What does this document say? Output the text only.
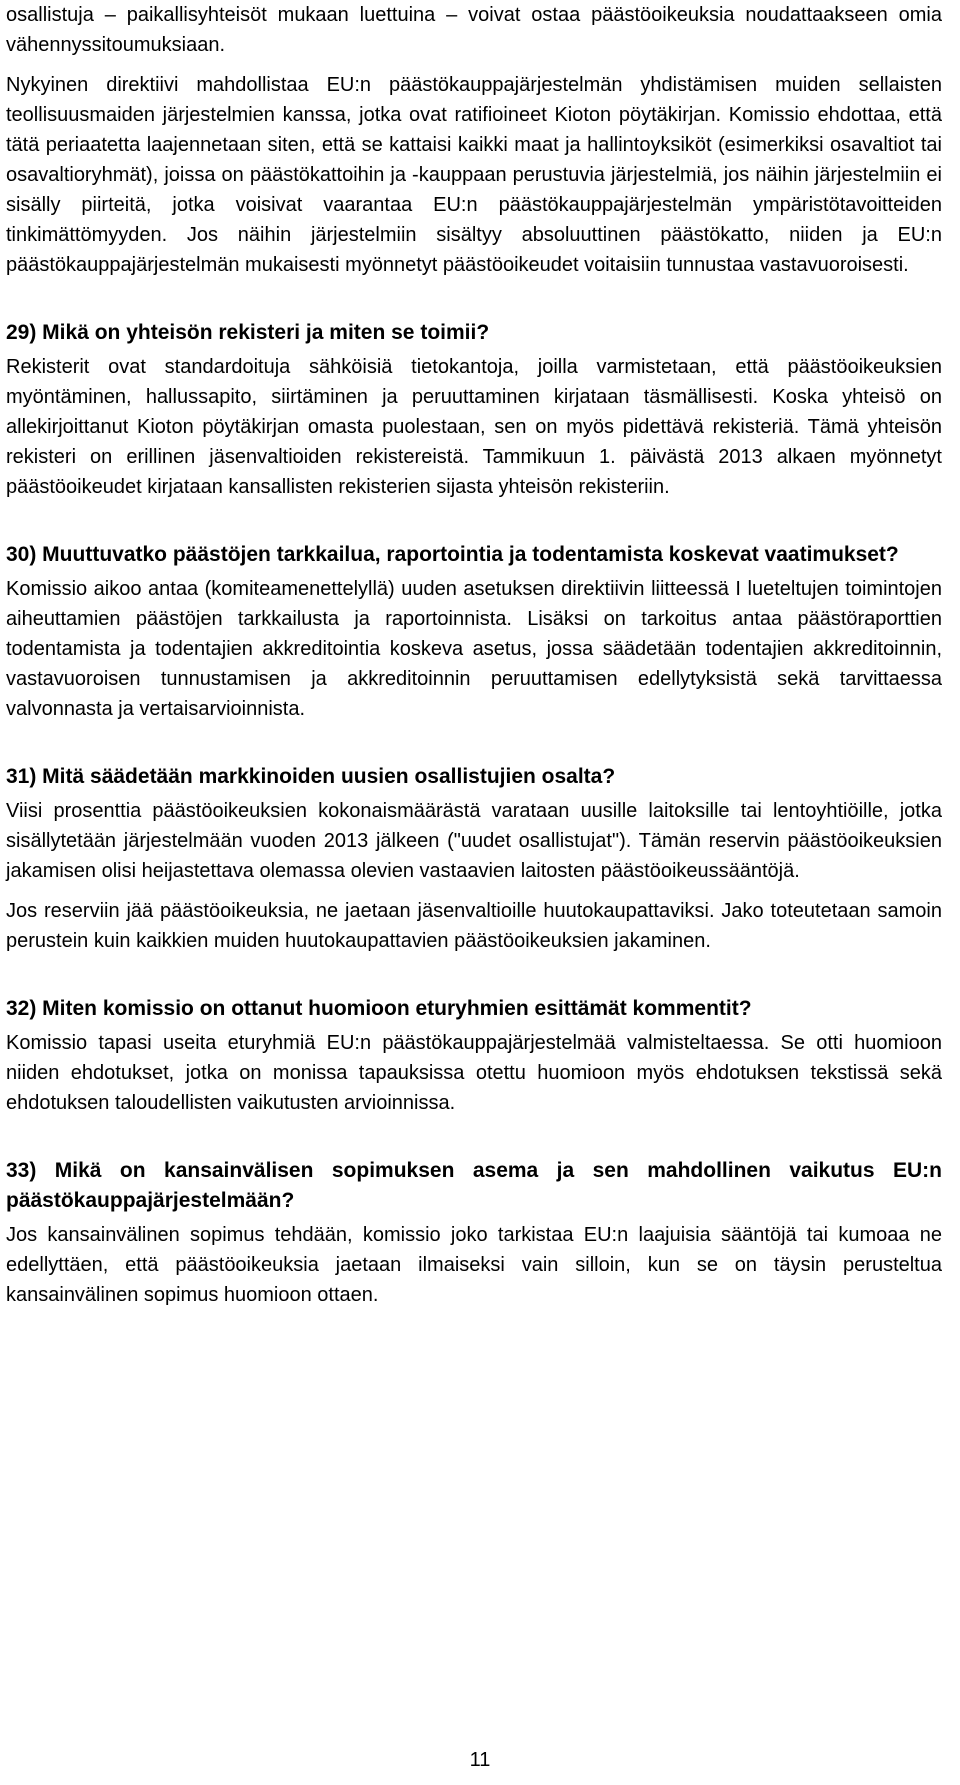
osallistuja – paikallisyhteisöt mukaan luettuina – voivat ostaa päästöoikeuksia noudattaakseen omia vähennyssitoumuksiaan.

Nykyinen direktiivi mahdollistaa EU:n päästökauppajärjestelmän yhdistämisen muiden sellaisten teollisuusmaiden järjestelmien kanssa, jotka ovat ratifioineet Kioton pöytäkirjan. Komissio ehdottaa, että tätä periaatetta laajennetaan siten, että se kattaisi kaikki maat ja hallintoyksiköt (esimerkiksi osavaltiot tai osavaltioryhmät), joissa on päästökattoihin ja -kauppaan perustuvia järjestelmiä, jos näihin järjestelmiin ei sisälly piirteitä, jotka voisivat vaarantaa EU:n päästökauppajärjestelmän ympäristötavoitteiden tinkimättömyyden. Jos näihin järjestelmiin sisältyy absoluuttinen päästökatto, niiden ja EU:n päästökauppajärjestelmän mukaisesti myönnetyt päästöoikeudet voitaisiin tunnustaa vastavuoroisesti.

29) Mikä on yhteisön rekisteri ja miten se toimii?

Rekisterit ovat standardoituja sähköisiä tietokantoja, joilla varmistetaan, että päästöoikeuksien myöntäminen, hallussapito, siirtäminen ja peruuttaminen kirjataan täsmällisesti. Koska yhteisö on allekirjoittanut Kioton pöytäkirjan omasta puolestaan, sen on myös pidettävä rekisteriä. Tämä yhteisön rekisteri on erillinen jäsenvaltioiden rekistereistä. Tammikuun 1. päivästä 2013 alkaen myönnetyt päästöoikeudet kirjataan kansallisten rekisterien sijasta yhteisön rekisteriin.

30) Muuttuvatko päästöjen tarkkailua, raportointia ja todentamista koskevat vaatimukset?

Komissio aikoo antaa (komiteamenettelyllä) uuden asetuksen direktiivin liitteessä I lueteltujen toimintojen aiheuttamien päästöjen tarkkailusta ja raportoinnista. Lisäksi on tarkoitus antaa päästöraporttien todentamista ja todentajien akkreditointia koskeva asetus, jossa säädetään todentajien akkreditoinnin, vastavuoroisen tunnustamisen ja akkreditoinnin peruuttamisen edellytyksistä sekä tarvittaessa valvonnasta ja vertaisarvioinnista.

31) Mitä säädetään markkinoiden uusien osallistujien osalta?

Viisi prosenttia päästöoikeuksien kokonaismäärästä varataan uusille laitoksille tai lentoyhtiöille, jotka sisällytetään järjestelmään vuoden 2013 jälkeen ("uudet osallistujat"). Tämän reservin päästöoikeuksien jakamisen olisi heijastettava olemassa olevien vastaavien laitosten päästöoikeussääntöjä.

Jos reserviin jää päästöoikeuksia, ne jaetaan jäsenvaltioille huutokaupattaviksi. Jako toteutetaan samoin perustein kuin kaikkien muiden huutokaupattavien päästöoikeuksien jakaminen.

32) Miten komissio on ottanut huomioon eturyhmien esittämät kommentit?

Komissio tapasi useita eturyhmiä EU:n päästökauppajärjestelmää valmisteltaessa. Se otti huomioon niiden ehdotukset, jotka on monissa tapauksissa otettu huomioon myös ehdotuksen tekstissä sekä ehdotuksen taloudellisten vaikutusten arvioinnissa.

33) Mikä on kansainvälisen sopimuksen asema ja sen mahdollinen vaikutus EU:n päästökauppajärjestelmään?

Jos kansainvälinen sopimus tehdään, komissio joko tarkistaa EU:n laajuisia sääntöjä tai kumoaa ne edellyttäen, että päästöoikeuksia jaetaan ilmaiseksi vain silloin, kun se on täysin perusteltua kansainvälinen sopimus huomioon ottaen.

11
